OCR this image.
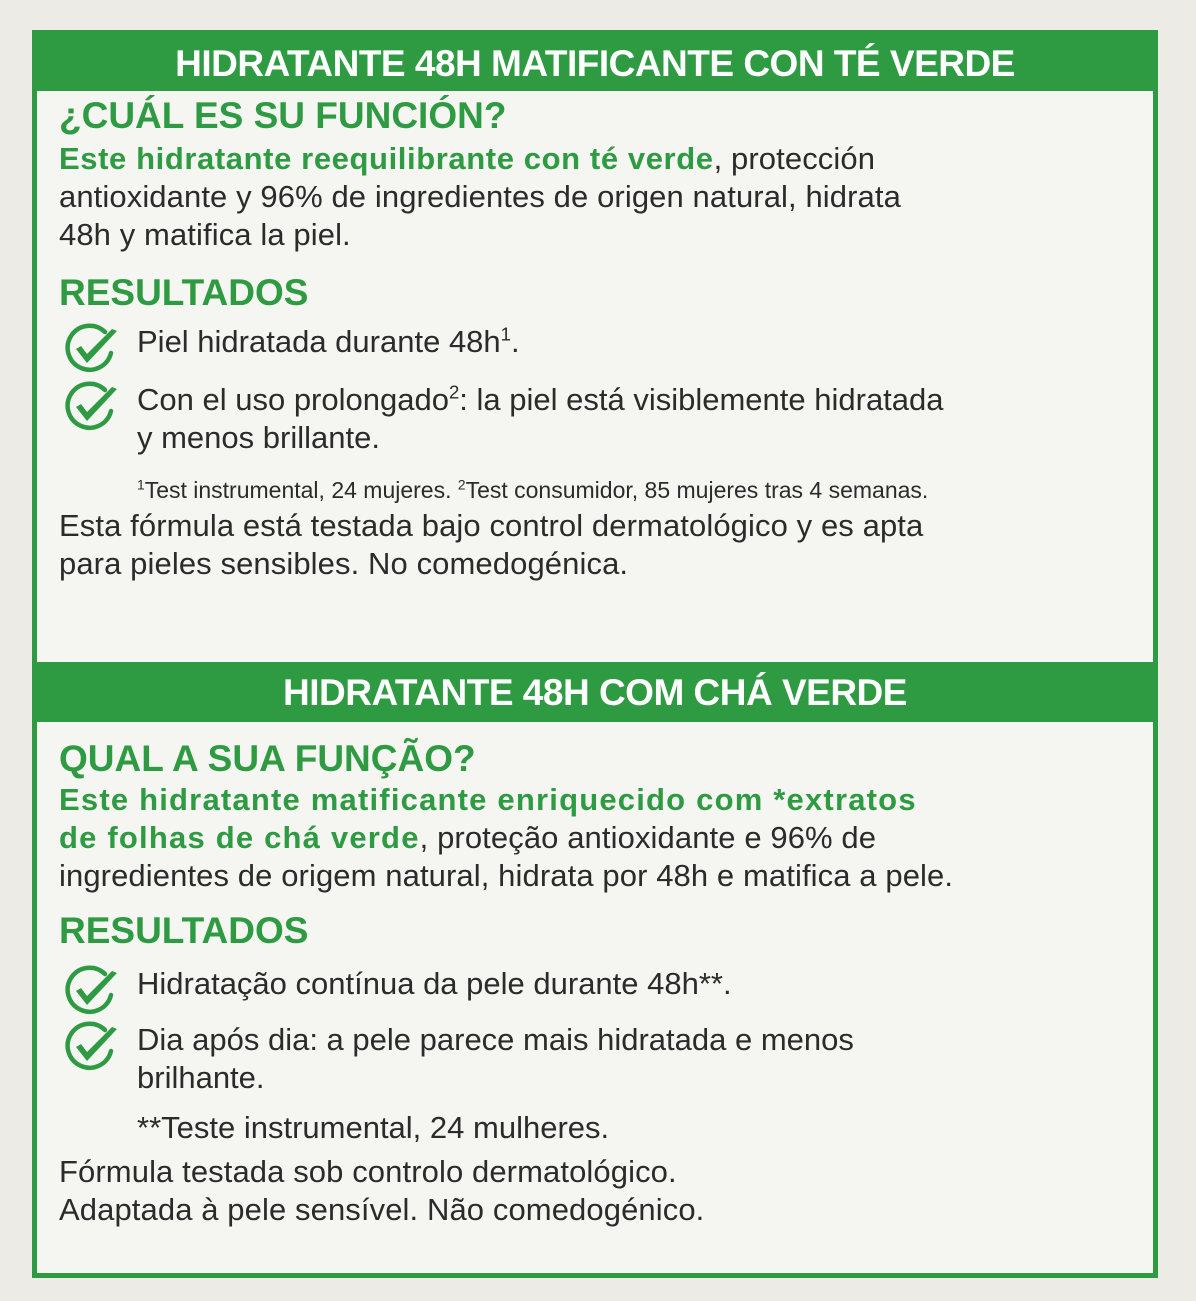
HIDRATANTE 48H MATIFICANTE CON TÉ VERDE
¿CUÁL ES SU FUNCIÓN?
Este hidratante reequilibrante con té verde, protección
antioxidante y 96% de ingredientes de origen natural, hidrata
48h y matifica la piel.
RESULTADOS
Piel hidratada durante $48h^1$.
Con el uso prolongado$^2$: la piel está visiblemente hidratada
y menos brillante.
$^1$Test instrumental, 24 mujeres. $^2$Test consumidor, 85 mujeres tras 4 semanas.
Esta fórmula está testada bajo control dermatológico y es apta
para pieles sensibles. No comedogénica.
HIDRATANTE 48H COM CHÁ VERDE
QUAL A SUA FUNÇÃO?
Este hidratante matificante enriquecido com *extratos
de folhas de chá verde, proteção antioxidante e 96% de
ingredientes de origem natural, hidrata por 48h e matifica a pele.
RESULTADOS
Hidratação contínua da pele durante 48h**.
Dia após dia: a pele parece mais hidratada e menos
brilhante.
**Teste instrumental, 24 mulheres.
Fórmula testada sob controlo dermatológico.
Adaptada à pele sensível. Não comedogénico.
